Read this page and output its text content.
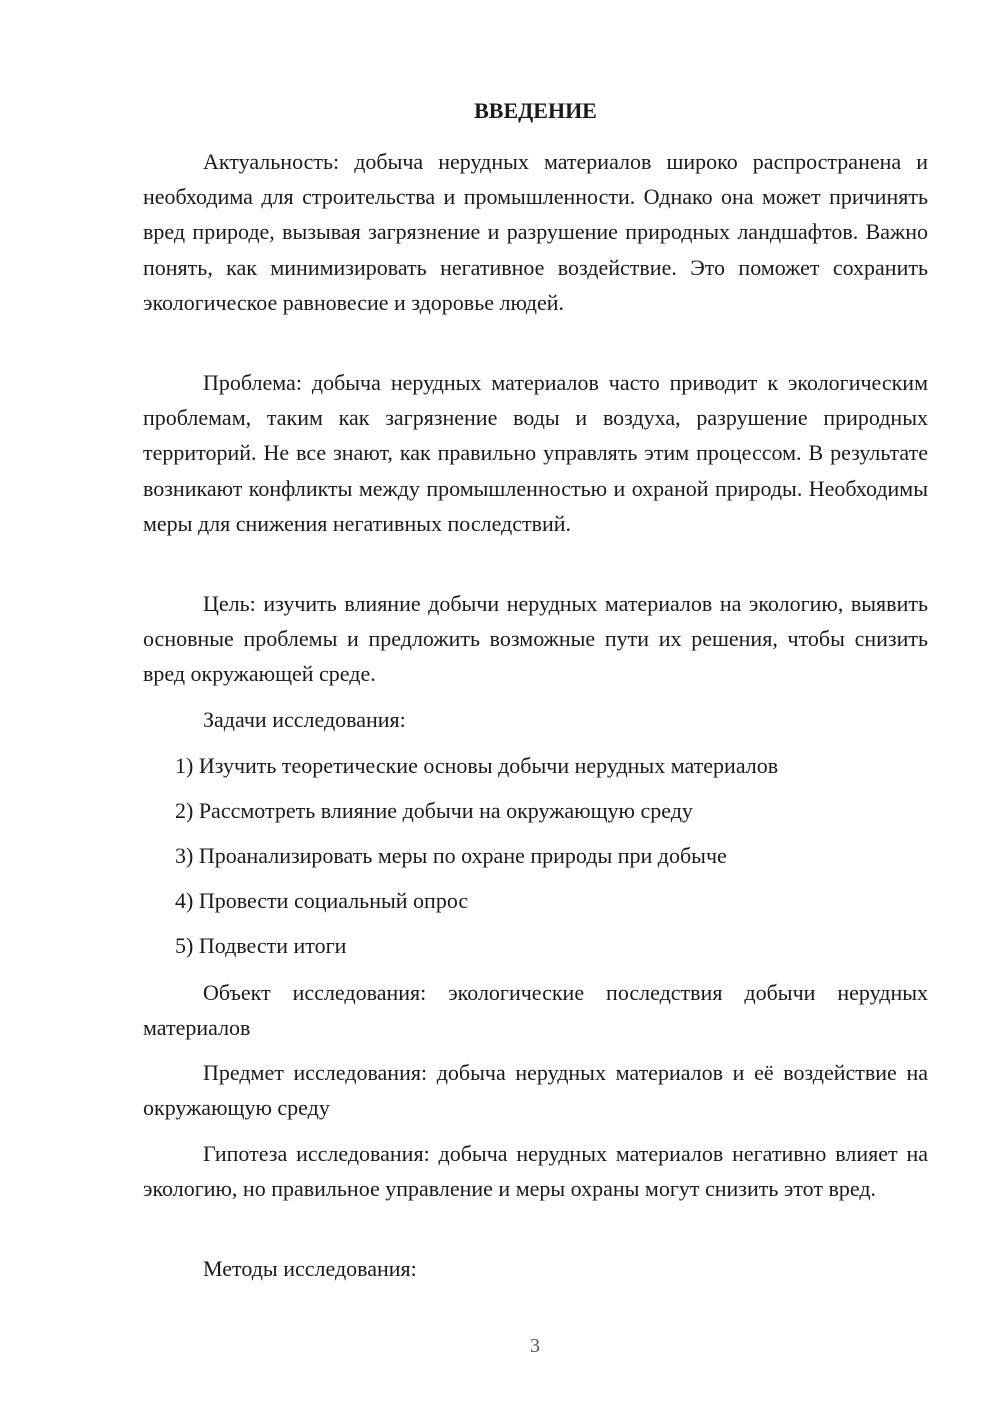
ВВЕДЕНИЕ

Актуальность: добыча нерудных материалов широко распространена и необходима для строительства и промышленности. Однако она может причинять вред природе, вызывая загрязнение и разрушение природных ландшафтов. Важно понять, как минимизировать негативное воздействие. Это поможет сохранить экологическое равновесие и здоровье людей.

Проблема: добыча нерудных материалов часто приводит к экологическим проблемам, таким как загрязнение воды и воздуха, разрушение природных территорий. Не все знают, как правильно управлять этим процессом. В результате возникают конфликты между промышленностью и охраной природы. Необходимы меры для снижения негативных последствий.

Цель: изучить влияние добычи нерудных материалов на экологию, выявить основные проблемы и предложить возможные пути их решения, чтобы снизить вред окружающей среде.

Задачи исследования:

1) Изучить теоретические основы добычи нерудных материалов

2) Рассмотреть влияние добычи на окружающую среду

3) Проанализировать меры по охране природы при добыче

4) Провести социальный опрос

5) Подвести итоги

Объект исследования: экологические последствия добычи нерудных материалов

Предмет исследования: добыча нерудных материалов и её воздействие на окружающую среду

Гипотеза исследования: добыча нерудных материалов негативно влияет на экологию, но правильное управление и меры охраны могут снизить этот вред.

Методы исследования:

3
